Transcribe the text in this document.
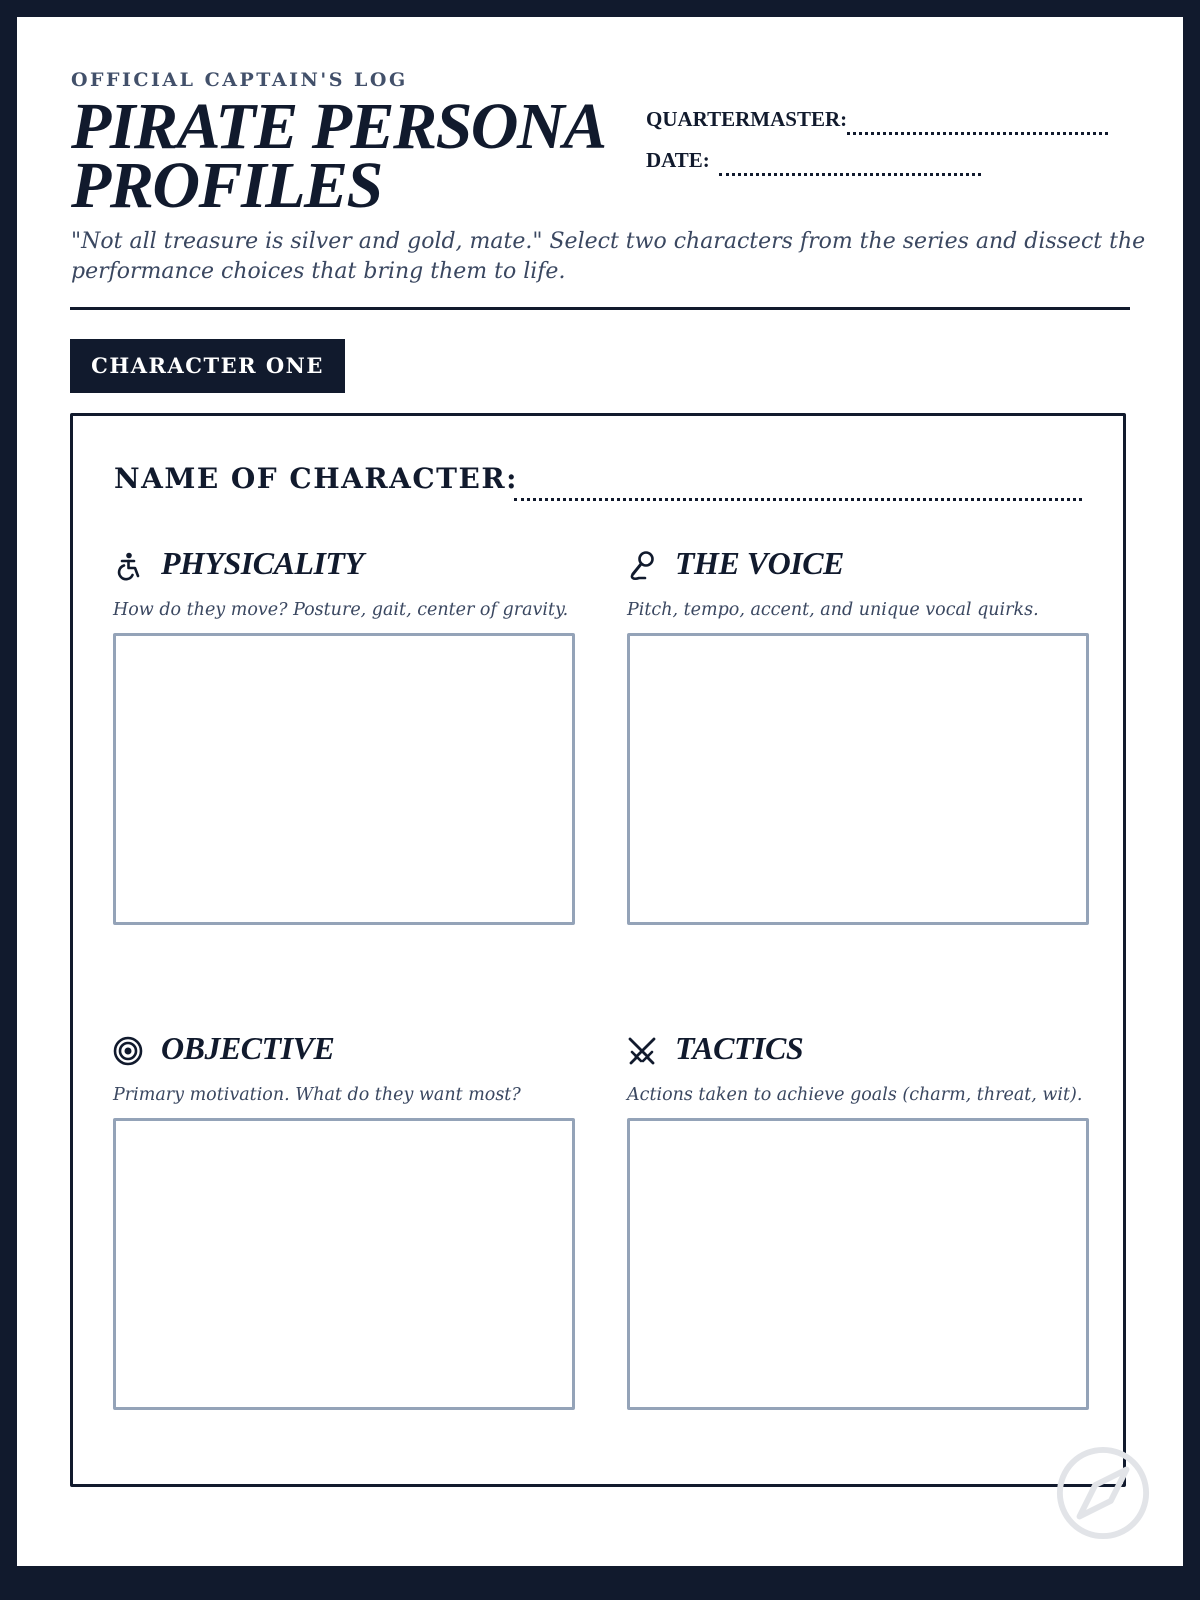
OFFICIAL CAPTAIN'S LOG
PIRATE PERSONA PROFILES
QUARTERMASTER:
DATE:
"Not all treasure is silver and gold, mate." Select two characters from the series and dissect the performance choices that bring them to life.
CHARACTER ONE
NAME OF CHARACTER:
PHYSICALITY
How do they move? Posture, gait, center of gravity.
THE VOICE
Pitch, tempo, accent, and unique vocal quirks.
OBJECTIVE
Primary motivation. What do they want most?
TACTICS
Actions taken to achieve goals (charm, threat, wit).
